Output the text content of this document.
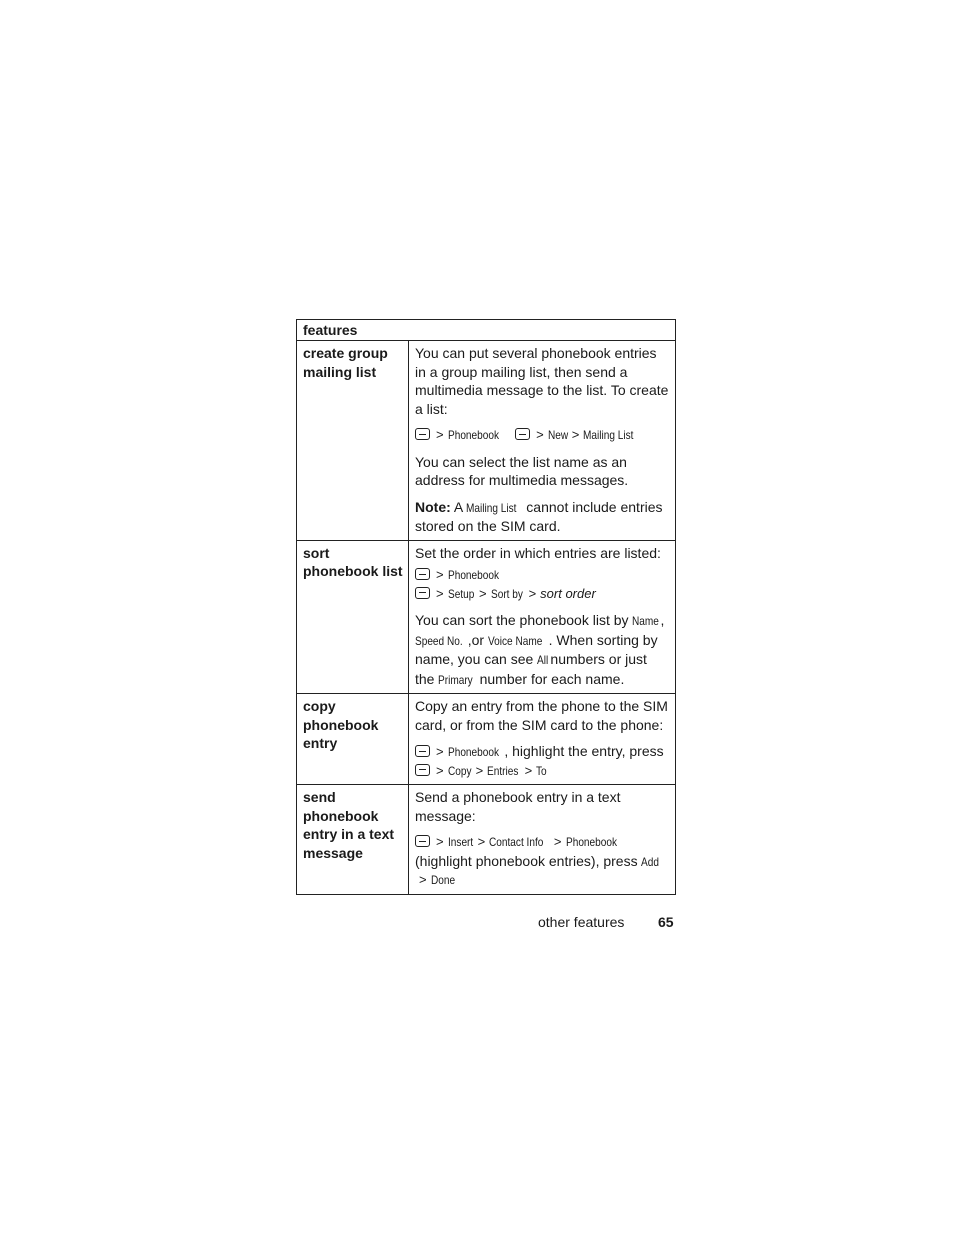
features	
create group mailing list	You can put several phonebook entries in a group mailing list, then send a multimedia message to the list. To create a list:

> Phonebook > New > Mailing List

You can select the list name as an address for multimedia messages.

Note: A Mailing List cannot include entries stored on the SIM card.

sort phonebook list	Set the order in which entries are listed:

> Phonebook
> Setup > Sort by > sort order

You can sort the phonebook list by Name, Speed No. ,or Voice Name . When sorting by name, you can see All numbers or just the Primary number for each name.

copy phonebook entry	Copy an entry from the phone to the SIM card, or from the SIM card to the phone:

> Phonebook , highlight the entry, press
> Copy > Entries > To

send phonebook entry in a text message	Send a phonebook entry in a text message:

> Insert > Contact Info > Phonebook (highlight phonebook entries), press Add> Done

other features 65
